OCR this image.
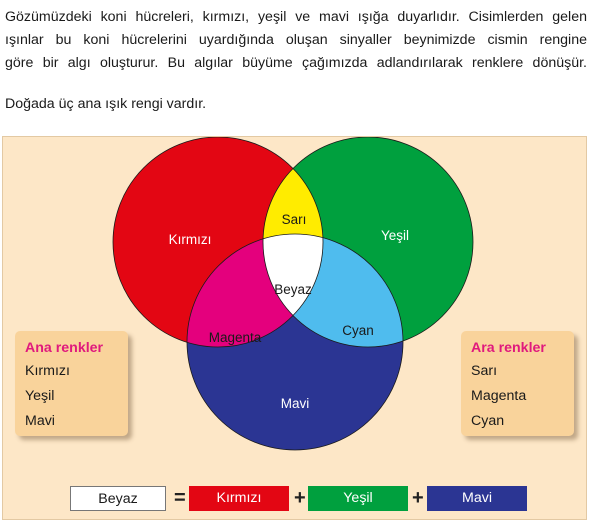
Gözümüzdeki koni hücreleri, kırmızı, yeşil ve mavi ışığa duyarlıdır. Cisimlerden gelen
ışınlar bu koni hücrelerini uyardığında oluşan sinyaller beynimizde cismin rengine
göre bir algı oluşturur. Bu algılar büyüme çağımızda adlandırılarak renklere dönüşür.

Doğada üç ana ışık rengi vardır.

Kırmızı	Yeşil
Mavi
Sarı
Magenta	Cyan
Beyaz
Ana renkler
Kırmızı
Yeşil
Mavi
Ara renkler
Sarı
Magenta
Cyan
Beyaz	=	Kırmızı	+	Yeşil	+	Mavi
